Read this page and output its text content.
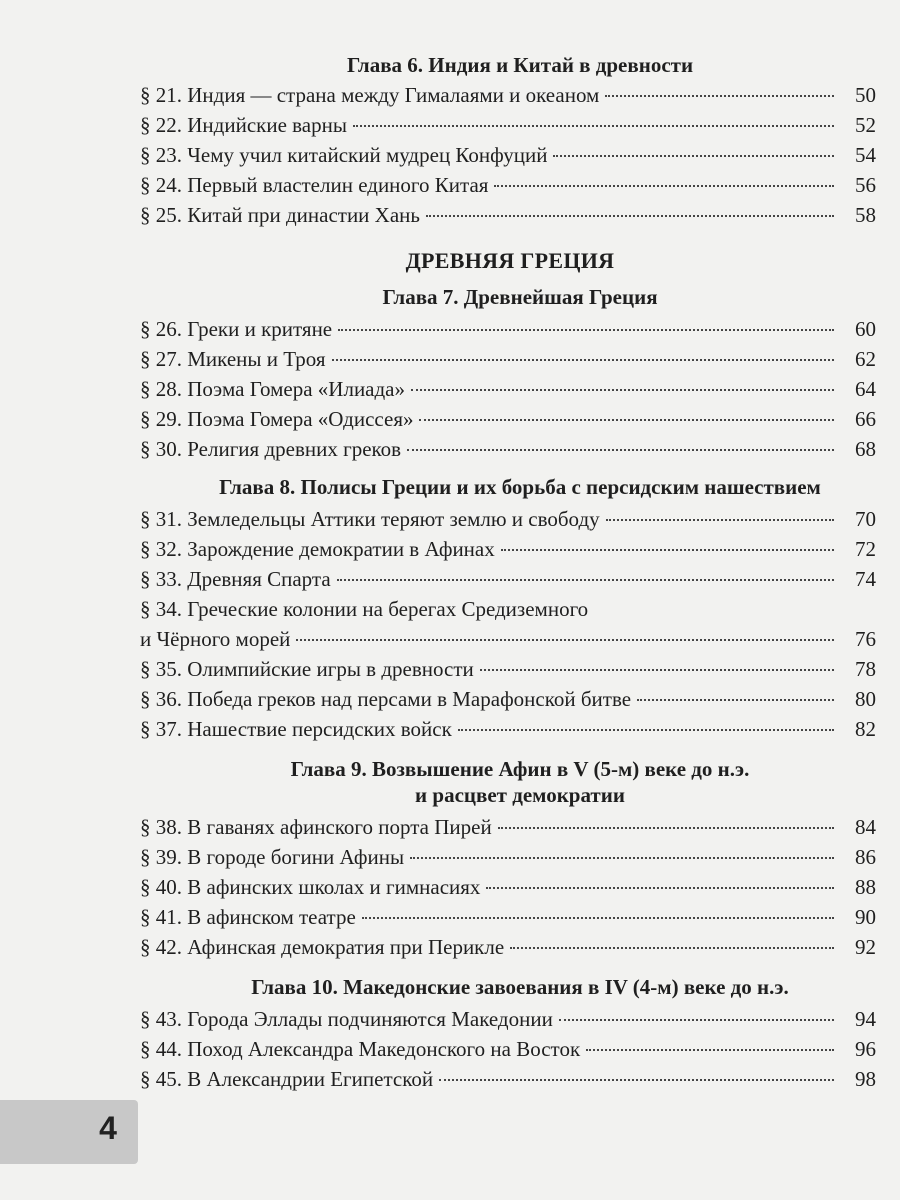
Глава 6. Индия и Китай в древности
§ 21. Индия — страна между Гималаями и океаном	50
§ 22. Индийские варны	52
§ 23. Чему учил китайский мудрец Конфуций	54
§ 24. Первый властелин единого Китая	56
§ 25. Китай при династии Хань	58
ДРЕВНЯЯ ГРЕЦИЯ
Глава 7. Древнейшая Греция
§ 26. Греки и критяне	60
§ 27. Микены и Троя	62
§ 28. Поэма Гомера «Илиада»	64
§ 29. Поэма Гомера «Одиссея»	66
§ 30. Религия древних греков	68
Глава 8. Полисы Греции и их борьба с персидским нашествием
§ 31. Земледельцы Аттики теряют землю и свободу	70
§ 32. Зарождение демократии в Афинах	72
§ 33. Древняя Спарта	74
§ 34. Греческие колонии на берегах Средиземного
и Чёрного морей	76
§ 35. Олимпийские игры в древности	78
§ 36. Победа греков над персами в Марафонской битве	80
§ 37. Нашествие персидских войск	82
Глава 9. Возвышение Афин в V (5-м) веке до н.э.
и расцвет демократии
§ 38. В гаванях афинского порта Пирей	84
§ 39. В городе богини Афины	86
§ 40. В афинских школах и гимнасиях	88
§ 41. В афинском театре	90
§ 42. Афинская демократия при Перикле	92
Глава 10. Македонские завоевания в IV (4-м) веке до н.э.
§ 43. Города Эллады подчиняются Македонии	94
§ 44. Поход Александра Македонского на Восток	96
§ 45. В Александрии Египетской	98
4
